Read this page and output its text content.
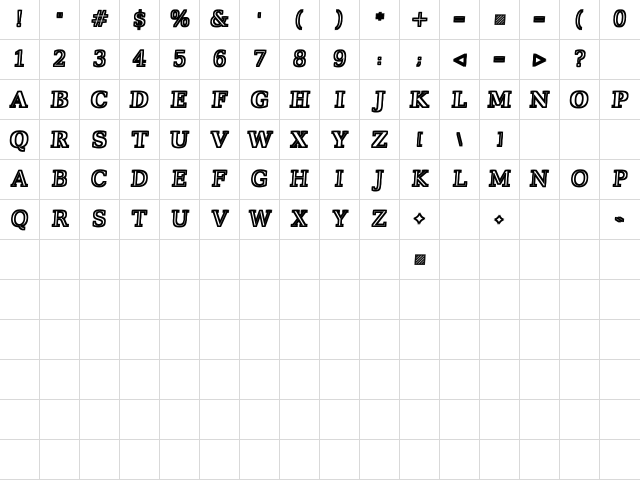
! " # $ % & ' ( ) * + = ▨ = ( 0
1 2 3 4 5 6 7 8 9 : ; ◁ = ▷ ?
A B C D E F G H I J K L M N O P
Q R S T U V W X Y Z [ \ ]
A B C D E F G H I J K L M N O P
Q R S T U V W X Y Z ✦	✦	⌁
▨
